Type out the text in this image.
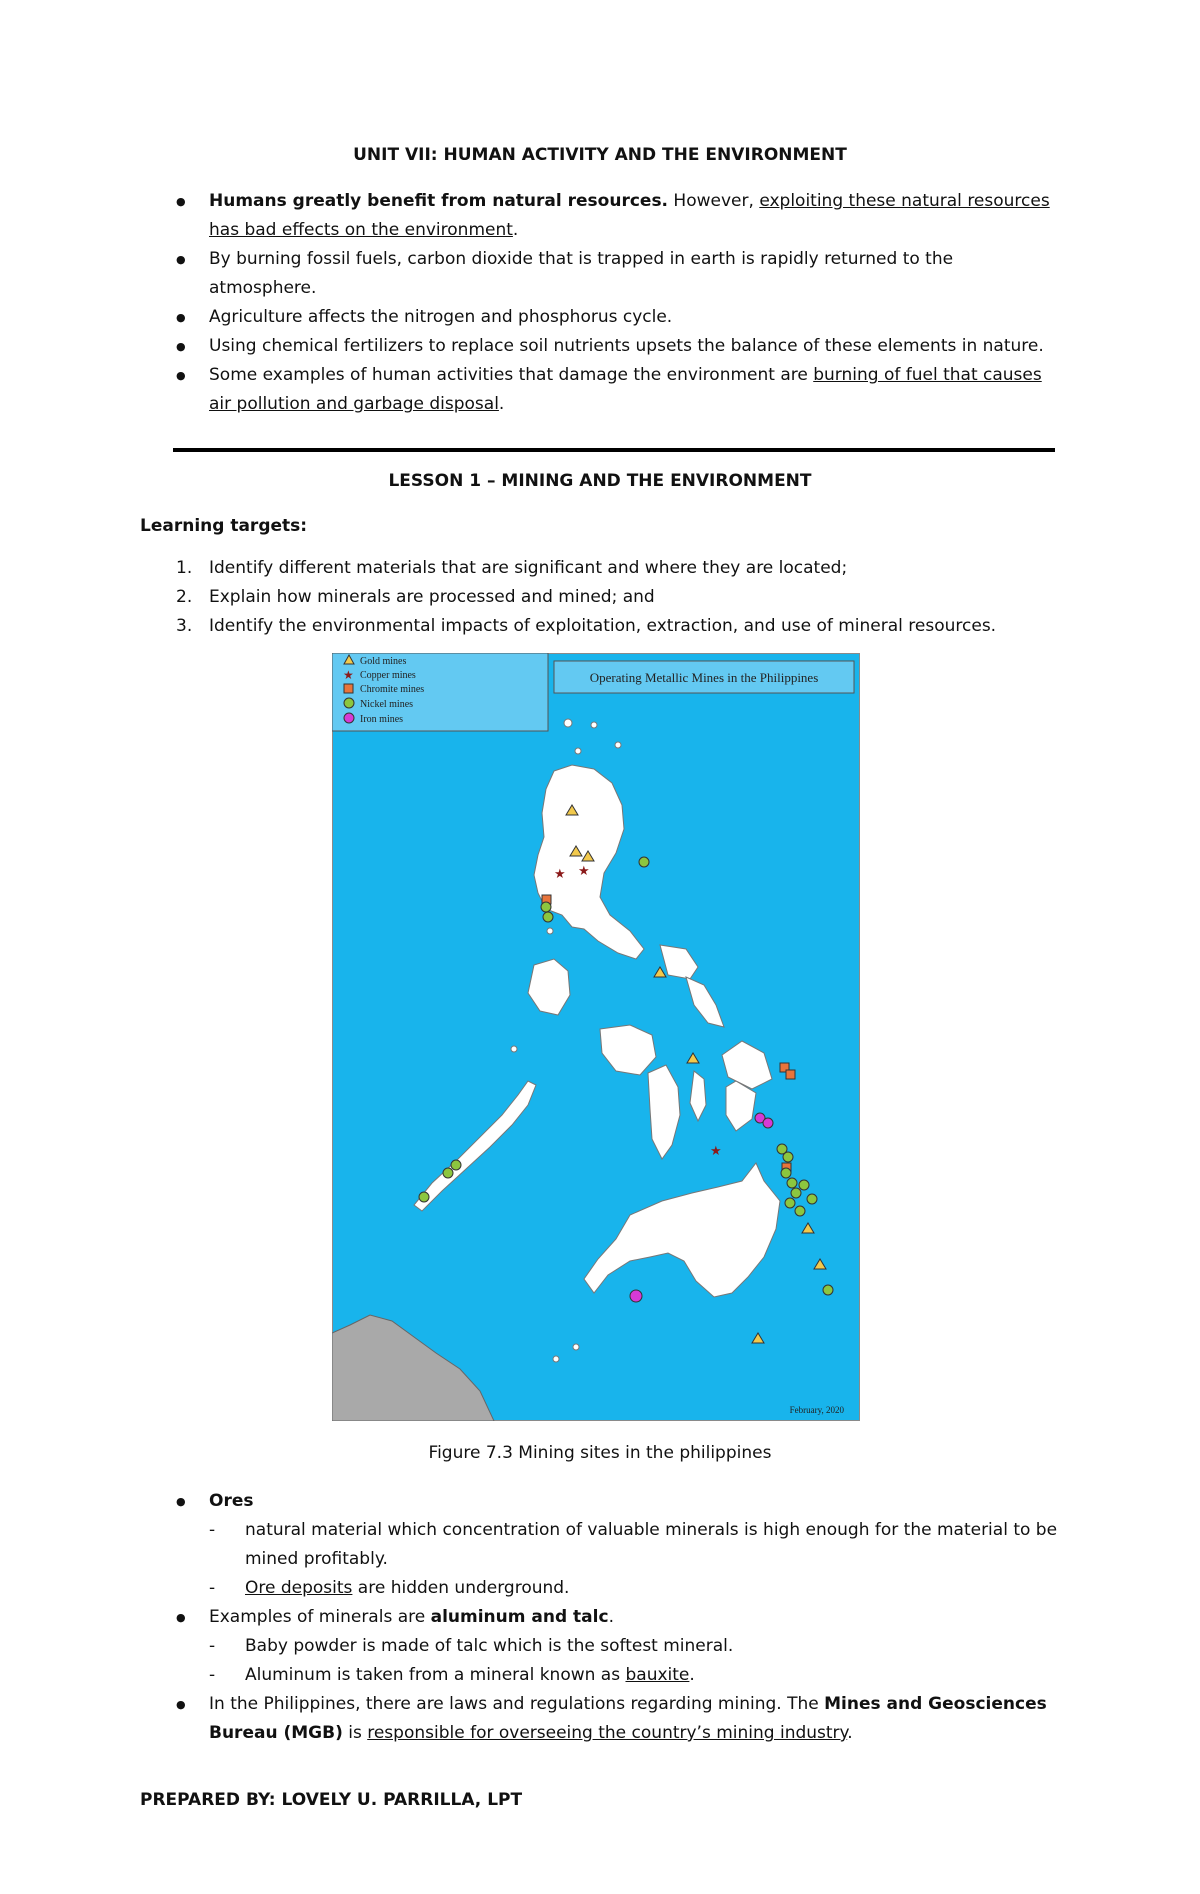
UNIT VII: HUMAN ACTIVITY AND THE ENVIRONMENT
● Humans greatly benefit from natural resources. However, exploiting these natural resources has bad effects on the environment.
● By burning fossil fuels, carbon dioxide that is trapped in earth is rapidly returned to the atmosphere.
● Agriculture affects the nitrogen and phosphorus cycle.
● Using chemical fertilizers to replace soil nutrients upsets the balance of these elements in nature.
● Some examples of human activities that damage the environment are burning of fuel that causes air pollution and garbage disposal.
LESSON 1 – MINING AND THE ENVIRONMENT
Learning targets:
1. Identify different materials that are significant and where they are located;
2. Explain how minerals are processed and mined; and
3. Identify the environmental impacts of exploitation, extraction, and use of mineral resources.
Gold mines
★ Copper mines
Chromite mines
Nickel mines
Iron mines
Operating Metallic Mines in the Philippines
★ ★
★
February, 2020
Figure 7.3 Mining sites in the philippines
● Ores
- natural material which concentration of valuable minerals is high enough for the material to be mined profitably.
- Ore deposits are hidden underground.
● Examples of minerals are aluminum and talc.
- Baby powder is made of talc which is the softest mineral.
- Aluminum is taken from a mineral known as bauxite.
● In the Philippines, there are laws and regulations regarding mining. The Mines and Geosciences Bureau (MGB) is responsible for overseeing the country’s mining industry.
PREPARED BY: LOVELY U. PARRILLA, LPT
